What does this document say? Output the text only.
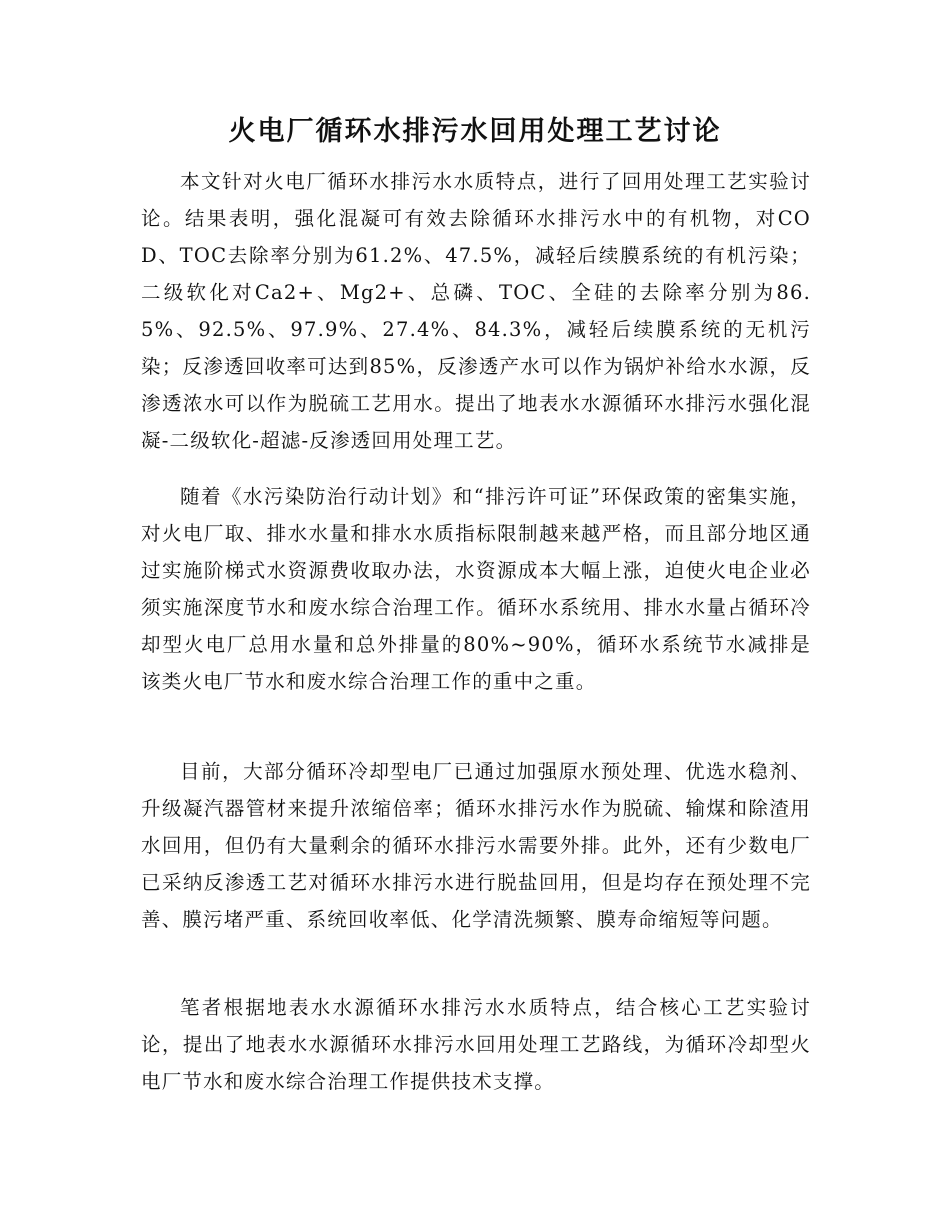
火电厂循环水排污水回用处理工艺讨论

本文针对火电厂循环水排污水水质特点，进行了回用处理工艺实验讨论。结果表明，强化混凝可有效去除循环水排污水中的有机物，对COD、TOC去除率分别为61.2%、47.5%，减轻后续膜系统的有机污染；二级软化对Ca2+、Mg2+、总磷、TOC、全硅的去除率分别为86.5%、92.5%、97.9%、27.4%、84.3%，减轻后续膜系统的无机污染；反渗透回收率可达到85%，反渗透产水可以作为锅炉补给水水源，反渗透浓水可以作为脱硫工艺用水。提出了地表水水源循环水排污水强化混凝-二级软化-超滤-反渗透回用处理工艺。

随着《水污染防治行动计划》和“排污许可证”环保政策的密集实施，对火电厂取、排水水量和排水水质指标限制越来越严格，而且部分地区通过实施阶梯式水资源费收取办法，水资源成本大幅上涨，迫使火电企业必须实施深度节水和废水综合治理工作。循环水系统用、排水水量占循环冷却型火电厂总用水量和总外排量的80%~90%，循环水系统节水减排是该类火电厂节水和废水综合治理工作的重中之重。

目前，大部分循环冷却型电厂已通过加强原水预处理、优选水稳剂、升级凝汽器管材来提升浓缩倍率；循环水排污水作为脱硫、输煤和除渣用水回用，但仍有大量剩余的循环水排污水需要外排。此外，还有少数电厂已采纳反渗透工艺对循环水排污水进行脱盐回用，但是均存在预处理不完善、膜污堵严重、系统回收率低、化学清洗频繁、膜寿命缩短等问题。

笔者根据地表水水源循环水排污水水质特点，结合核心工艺实验讨论，提出了地表水水源循环水排污水回用处理工艺路线，为循环冷却型火电厂节水和废水综合治理工作提供技术支撑。
